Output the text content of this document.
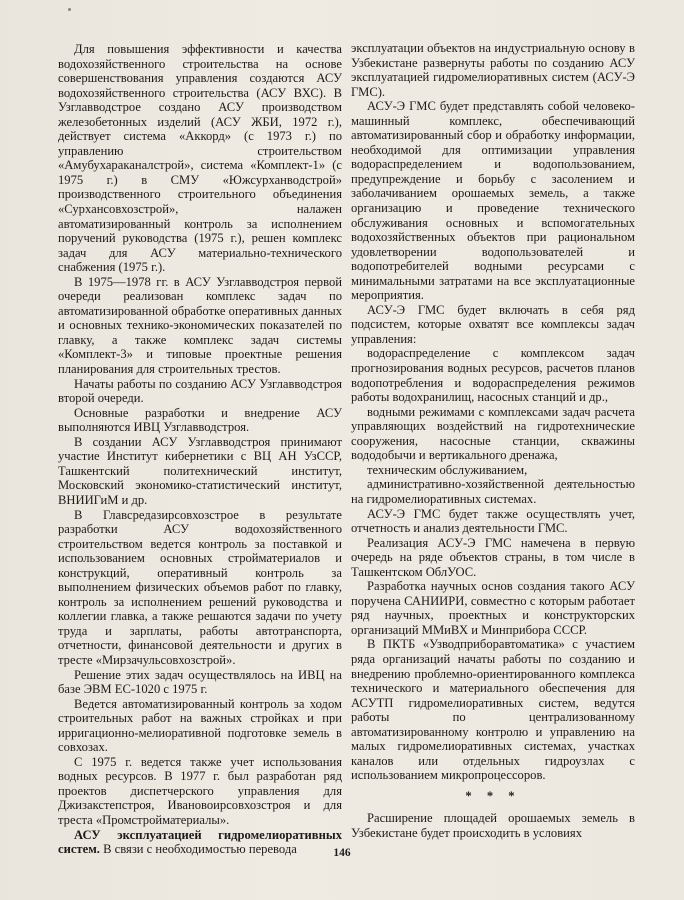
Для повышения эффективности и качества водохозяйственного строительства на основе совершенствования управления создаются АСУ водохозяйственного строительства (АСУ ВХС). В Узглавводстрое создано АСУ производством железобетонных изделий (АСУ ЖБИ, 1972 г.), действует система «Аккорд» (с 1973 г.) по управлению строительством «Амубухараканалстрой», система «Комплект-1» (с 1975 г.) в СМУ «Южсурханводстрой» производственного строительного объединения «Сурхансовхозстрой», налажен автоматизированный контроль за исполнением поручений руководства (1975 г.), решен комплекс задач для АСУ материально-технического снабжения (1975 г.).

В 1975—1978 гг. в АСУ Узглавводстроя первой очереди реализован комплекс задач по автоматизированной обработке оперативных данных и основных технико-экономических показателей по главку, а также комплекс задач системы «Комплект-3» и типовые проектные решения планирования для строительных трестов.

Начаты работы по созданию АСУ Узглавводстроя второй очереди.

Основные разработки и внедрение АСУ выполняются ИВЦ Узглавводстроя.

В создании АСУ Узглавводстроя принимают участие Институт кибернетики с ВЦ АН УзССР, Ташкентский политехнический институт, Московский экономико-статистический институт, ВНИИГиМ и др.

В Главсредазирсовхозстрое в результате разработки АСУ водохозяйственного строительством ведется контроль за поставкой и использованием основных стройматериалов и конструкций, оперативный контроль за выполнением физических объемов работ по главку, контроль за исполнением решений руководства и коллегии главка, а также решаются задачи по учету труда и зарплаты, работы автотранспорта, отчетности, финансовой деятельности и других в тресте «Мирзачульсовхозстрой».

Решение этих задач осуществлялось на ИВЦ на базе ЭВМ ЕС-1020 с 1975 г.

Ведется автоматизированный контроль за ходом строительных работ на важных стройках и при ирригационно-мелиоративной подготовке земель в совхозах.

С 1975 г. ведется также учет использования водных ресурсов. В 1977 г. был разработан ряд проектов диспетчерского управления для Джизакстепстроя, Ивановоирсовхозстроя и для треста «Промстройматериалы».

АСУ эксплуатацией гидромелиоративных систем. В связи с необходимостью перевода

эксплуатации объектов на индустриальную основу в Узбекистане развернуты работы по созданию АСУ эксплуатацией гидромелиоративных систем (АСУ-Э ГМС).

АСУ-Э ГМС будет представлять собой человеко-машинный комплекс, обеспечивающий автоматизированный сбор и обработку информации, необходимой для оптимизации управления водораспределением и водопользованием, предупреждение и борьбу с засолением и заболачиванием орошаемых земель, а также организацию и проведение технического обслуживания основных и вспомогательных водохозяйственных объектов при рациональном удовлетворении водопользователей и водопотребителей водными ресурсами с минимальными затратами на все эксплуатационные мероприятия.

АСУ-Э ГМС будет включать в себя ряд подсистем, которые охватят все комплексы задач управления:

водораспределение с комплексом задач прогнозирования водных ресурсов, расчетов планов водопотребления и водораспределения режимов работы водохранилищ, насосных станций и др.,

водными режимами с комплексами задач расчета управляющих воздействий на гидротехнические сооружения, насосные станции, скважины вододобычи и вертикального дренажа,

техническим обслуживанием,

административно-хозяйственной деятельностью на гидромелиоративных системах.

АСУ-Э ГМС будет также осуществлять учет, отчетность и анализ деятельности ГМС.

Реализация АСУ-Э ГМС намечена в первую очередь на ряде объектов страны, в том числе в Ташкентском ОблУОС.

Разработка научных основ создания такого АСУ поручена САНИИРИ, совместно с которым работает ряд научных, проектных и конструкторских организаций ММиВХ и Минприбора СССР.

В ПКТБ «Узводприборавтоматика» с участием ряда организаций начаты работы по созданию и внедрению проблемно-ориентированного комплекса технического и материального обеспечения для АСУТП гидромелиоративных систем, ведутся работы по централизованному автоматизированному контролю и управлению на малых гидромелиоративных системах, участках каналов или отдельных гидроузлах с использованием микропроцессоров.

* * *

Расширение площадей орошаемых земель в Узбекистане будет происходить в условиях

146
